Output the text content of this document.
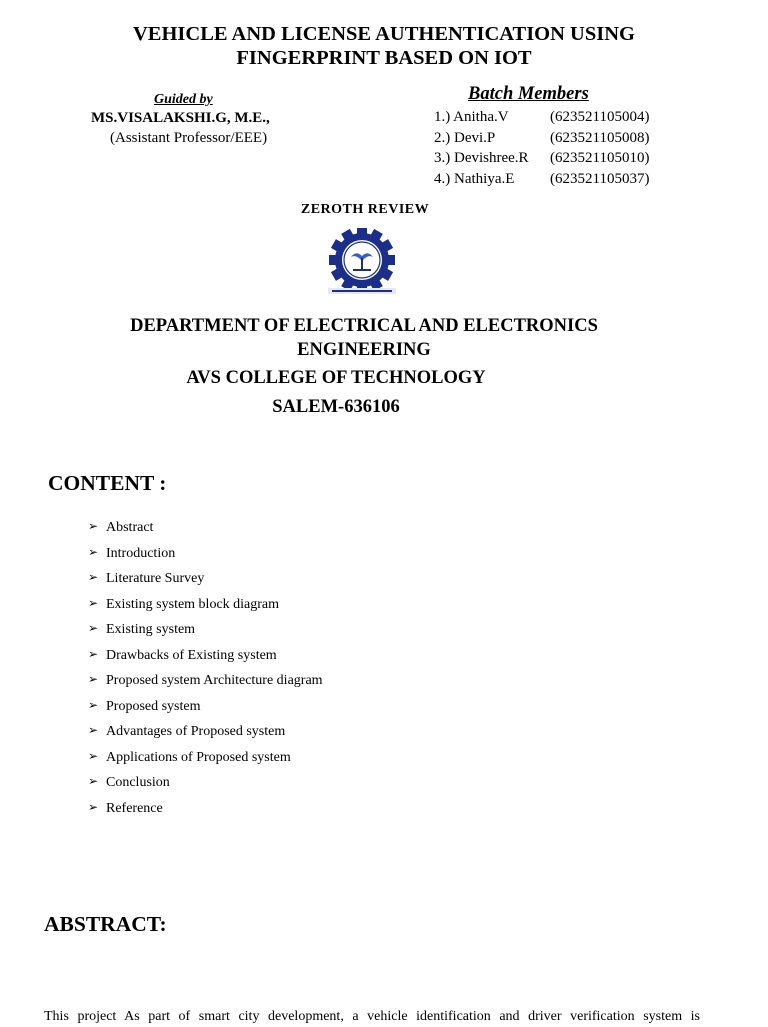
VEHICLE AND LICENSE AUTHENTICATION USING
FINGERPRINT BASED ON IOT
Guided by
MS.VISALAKSHI.G, M.E.,
(Assistant Professor/EEE)
Batch Members
1.) Anitha.V	(623521105004)
2.) Devi.P	(623521105008)
3.) Devishree.R	(623521105010)
4.) Nathiya.E	(623521105037)
ZEROTH REVIEW
DEPARTMENT OF ELECTRICAL AND ELECTRONICS
ENGINEERING
AVS COLLEGE OF TECHNOLOGY
SALEM-636106
CONTENT :
➢ Abstract
➢ Introduction
➢ Literature Survey
➢ Existing system block diagram
➢ Existing system
➢ Drawbacks of Existing system
➢ Proposed system Architecture diagram
➢ Proposed system
➢ Advantages of Proposed system
➢ Applications of Proposed system
➢ Conclusion
➢ Reference
ABSTRACT:

This project As part of smart city development, a vehicle identification and driver verification system is
